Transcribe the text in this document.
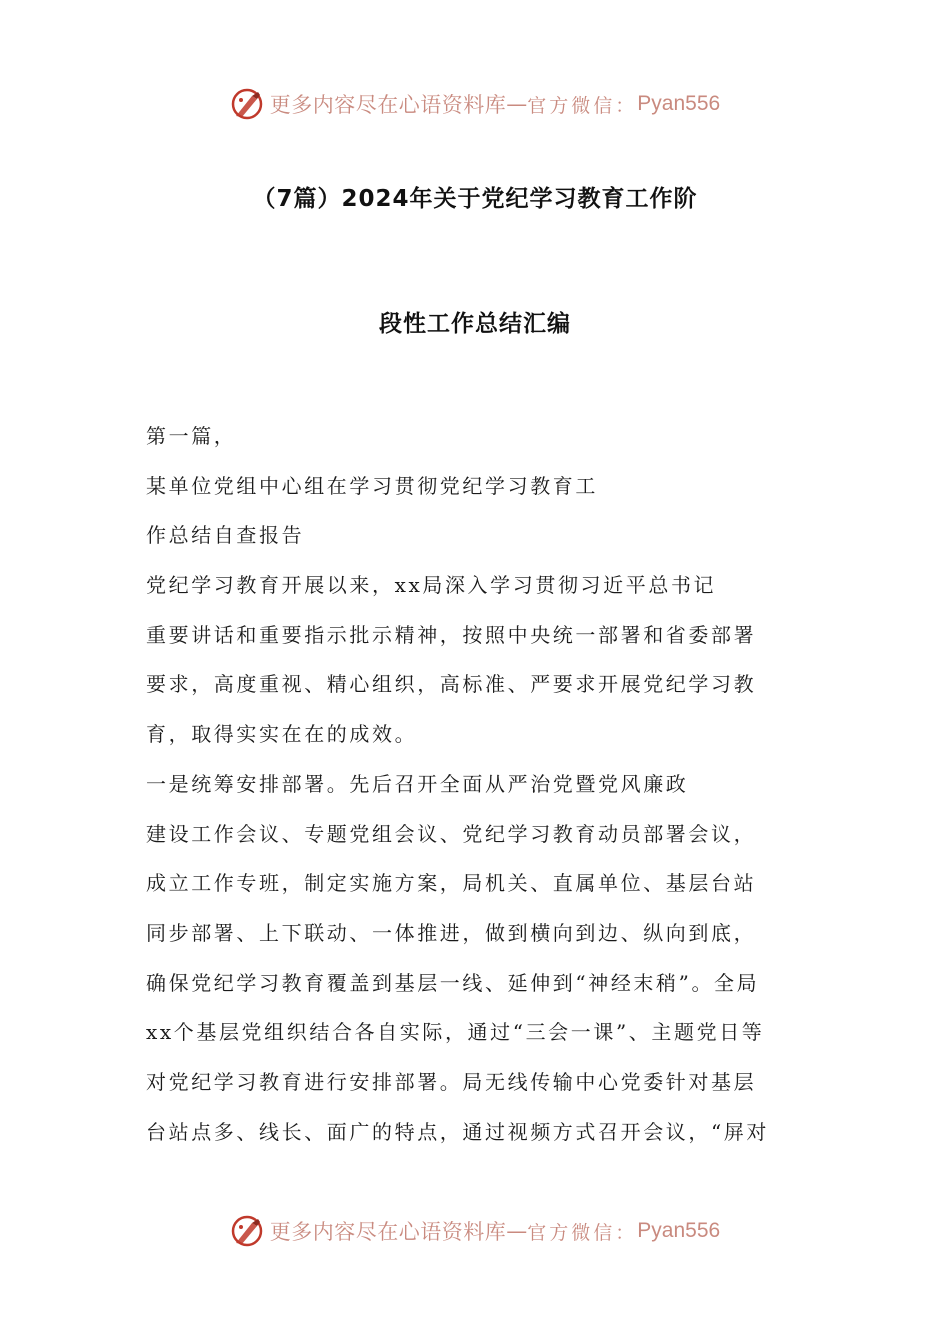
更多内容尽在心语资料库 — 官方微信： Pyan556
（7篇）2024年关于党纪学习教育工作阶
段性工作总结汇编
第一篇，
某单位党组中心组在学习贯彻党纪学习教育工
作总结自查报告
党纪学习教育开展以来，xx局深入学习贯彻习近平总书记
重要讲话和重要指示批示精神，按照中央统一部署和省委部署
要求，高度重视、精心组织，高标准、严要求开展党纪学习教
育，取得实实在在的成效。
一是统筹安排部署。先后召开全面从严治党暨党风廉政
建设工作会议、专题党组会议、党纪学习教育动员部署会议，
成立工作专班，制定实施方案，局机关、直属单位、基层台站
同步部署、上下联动、一体推进，做到横向到边、纵向到底，
确保党纪学习教育覆盖到基层一线、延伸到“神经末稍”。全局
xx个基层党组织结合各自实际，通过“三会一课”、主题党日等
对党纪学习教育进行安排部署。局无线传输中心党委针对基层
台站点多、线长、面广的特点，通过视频方式召开会议，“屏对
更多内容尽在心语资料库 — 官方微信： Pyan556
